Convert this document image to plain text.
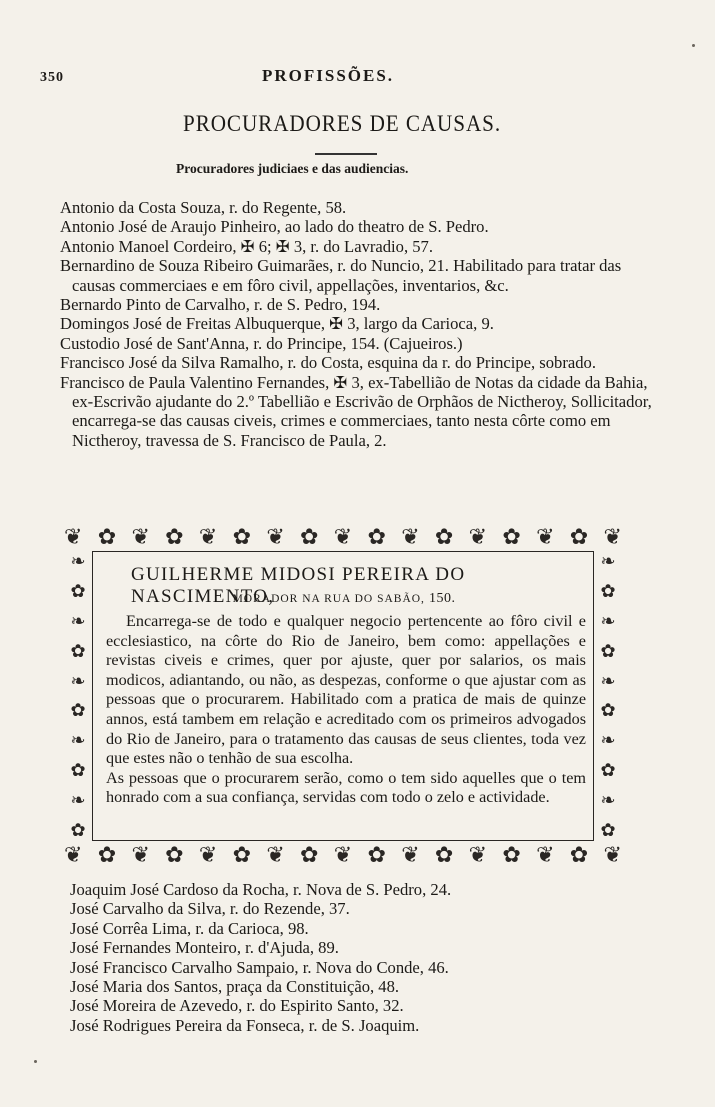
350	PROFISSÕES.
PROCURADORES DE CAUSAS.
Procuradores judiciaes e das audiencias.
Antonio da Costa Souza, r. do Regente, 58.
Antonio José de Araujo Pinheiro, ao lado do theatro de S. Pedro.
Antonio Manoel Cordeiro, ✠ 6; ✠ 3, r. do Lavradio, 57.
Bernardino de Souza Ribeiro Guimarães, r. do Nuncio, 21. Habilitado para tratar das causas commerciaes e em fôro civil, appellações, inventarios, &c.
Bernardo Pinto de Carvalho, r. de S. Pedro, 194.
Domingos José de Freitas Albuquerque, ✠ 3, largo da Carioca, 9.
Custodio José de Sant'Anna, r. do Principe, 154. (Cajueiros.)
Francisco José da Silva Ramalho, r. do Costa, esquina da r. do Principe, sobrado.
Francisco de Paula Valentino Fernandes, ✠ 3, ex-Tabellião de Notas da cidade da Bahia, ex-Escrivão ajudante do 2.º Tabellião e Escrivão de Orphãos de Nictheroy, Sollicitador, encarrega-se das causas civeis, crimes e commerciaes, tanto nesta côrte como em Nictheroy, travessa de S. Francisco de Paula, 2.
❦ ✿ ❦ ✿ ❦ ✿ ❦ ✿ ❦ ✿ ❦ ✿ ❦ ✿ ❦ ✿ ❦
❧
✿
❧
✿
❧
✿
❧
✿
❧
✿
❧
✿
❧
✿
❧
✿
❧
✿
❧
✿
❦ ✿ ❦ ✿ ❦ ✿ ❦ ✿ ❦ ✿ ❦ ✿ ❦ ✿ ❦ ✿ ❦
GUILHERME MIDOSI PEREIRA DO NASCIMENTO,
MORADOR NA RUA DO SABÃO, 150.

Encarrega-se de todo e qualquer negocio pertencente ao fôro civil e ecclesiastico, na côrte do Rio de Janeiro, bem como: appellações e revistas civeis e crimes, quer por ajuste, quer por salarios, os mais modicos, adiantando, ou não, as despezas, conforme o que ajustar com as pessoas que o procurarem. Habilitado com a pratica de mais de quinze annos, está tambem em relação e acreditado com os primeiros advogados do Rio de Janeiro, para o tratamento das causas de seus clientes, toda vez que estes não o tenhão de sua escolha.

As pessoas que o procurarem serão, como o tem sido aquelles que o tem honrado com a sua confiança, servidas com todo o zelo e actividade.

Joaquim José Cardoso da Rocha, r. Nova de S. Pedro, 24.
José Carvalho da Silva, r. do Rezende, 37.
José Corrêa Lima, r. da Carioca, 98.
José Fernandes Monteiro, r. d'Ajuda, 89.
José Francisco Carvalho Sampaio, r. Nova do Conde, 46.
José Maria dos Santos, praça da Constituição, 48.
José Moreira de Azevedo, r. do Espirito Santo, 32.
José Rodrigues Pereira da Fonseca, r. de S. Joaquim.
